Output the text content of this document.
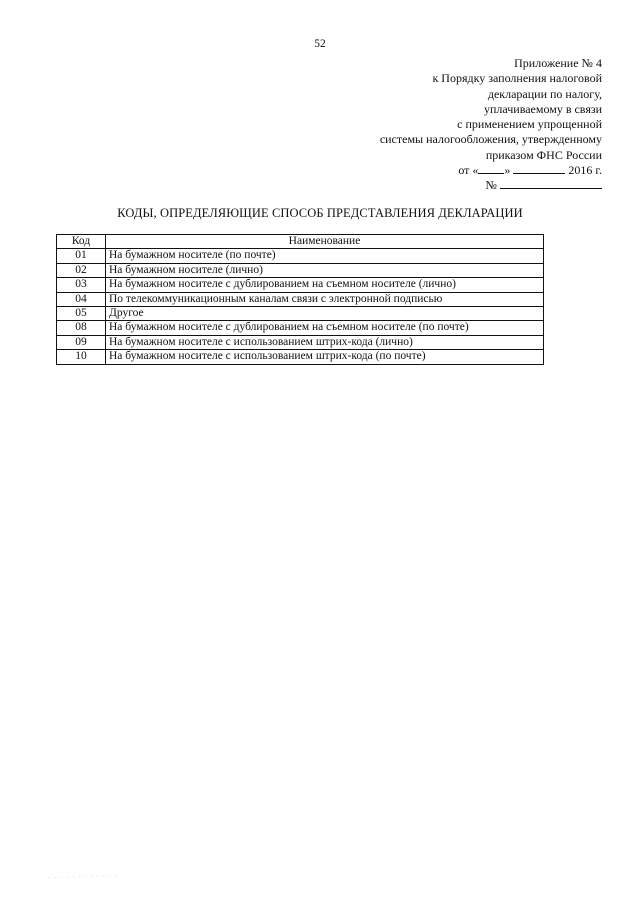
52
Приложение № 4
к Порядку заполнения налоговой
декларации по налогу,
уплачиваемому в связи
с применением упрощенной
системы налогообложения, утвержденному
приказом ФНС России
от « »	2016 г.
№
КОДЫ, ОПРЕДЕЛЯЮЩИЕ СПОСОБ ПРЕДСТАВЛЕНИЯ ДЕКЛАРАЦИИ
Код	Наименование
01	На бумажном носителе (по почте)
02	На бумажном носителе (лично)
03	На бумажном носителе с дублированием на съемном носителе (лично)
04	По телекоммуникационным каналам связи с электронной подписью
05	Другое
08	На бумажном носителе с дублированием на съемном носителе (по почте)
09	На бумажном носителе с использованием штрих-кода (лично)
10	На бумажном носителе с использованием штрих-кода (по почте)
· · · · · · · · · · · ·
